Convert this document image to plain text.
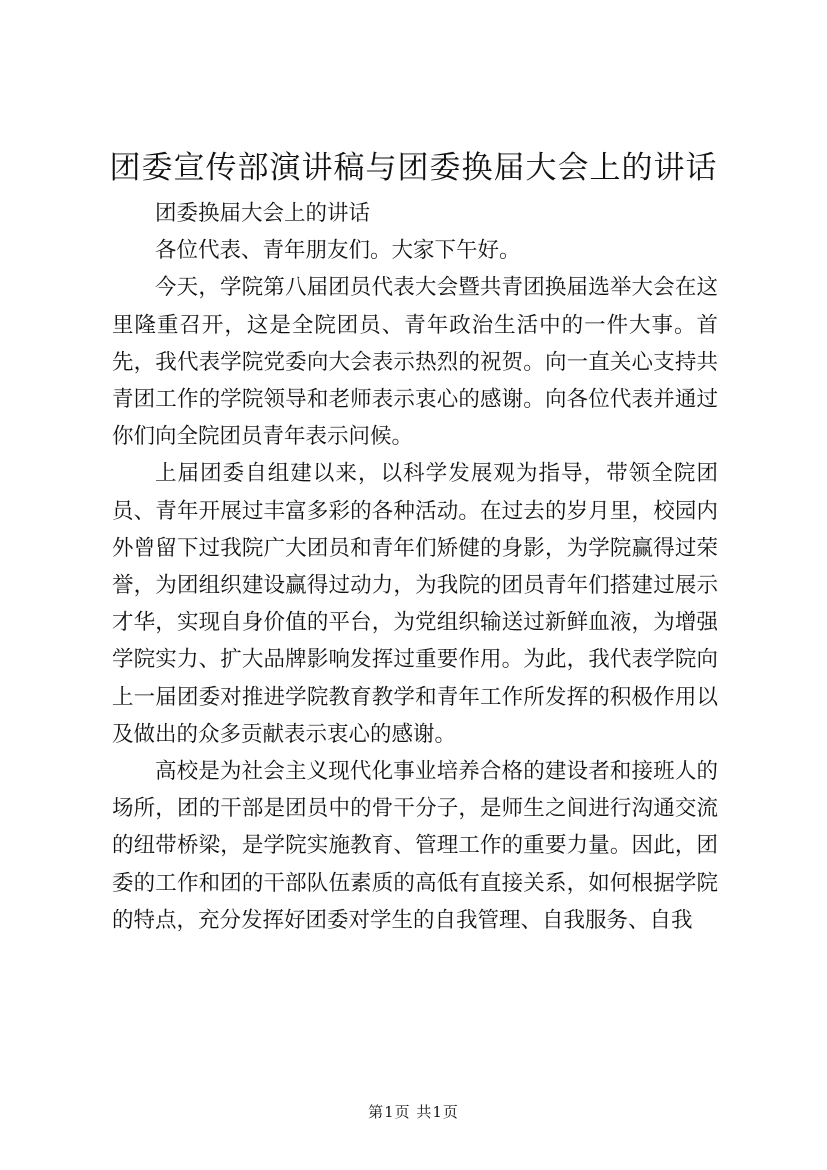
团委宣传部演讲稿与团委换届大会上的讲话

团委换届大会上的讲话

各位代表、青年朋友们。大家下午好。

今天，学院第八届团员代表大会暨共青团换届选举大会在这里隆重召开，这是全院团员、青年政治生活中的一件大事。首先，我代表学院党委向大会表示热烈的祝贺。向一直关心支持共青团工作的学院领导和老师表示衷心的感谢。向各位代表并通过你们向全院团员青年表示问候。

上届团委自组建以来，以科学发展观为指导，带领全院团员、青年开展过丰富多彩的各种活动。在过去的岁月里，校园内外曾留下过我院广大团员和青年们矫健的身影，为学院赢得过荣誉，为团组织建设赢得过动力，为我院的团员青年们搭建过展示才华，实现自身价值的平台，为党组织输送过新鲜血液，为增强学院实力、扩大品牌影响发挥过重要作用。为此，我代表学院向上一届团委对推进学院教育教学和青年工作所发挥的积极作用以及做出的众多贡献表示衷心的感谢。

高校是为社会主义现代化事业培养合格的建设者和接班人的场所，团的干部是团员中的骨干分子，是师生之间进行沟通交流的纽带桥梁，是学院实施教育、管理工作的重要力量。因此，团委的工作和团的干部队伍素质的高低有直接关系，如何根据学院的特点，充分发挥好团委对学生的自我管理、自我服务、自我

第1页 共1页
